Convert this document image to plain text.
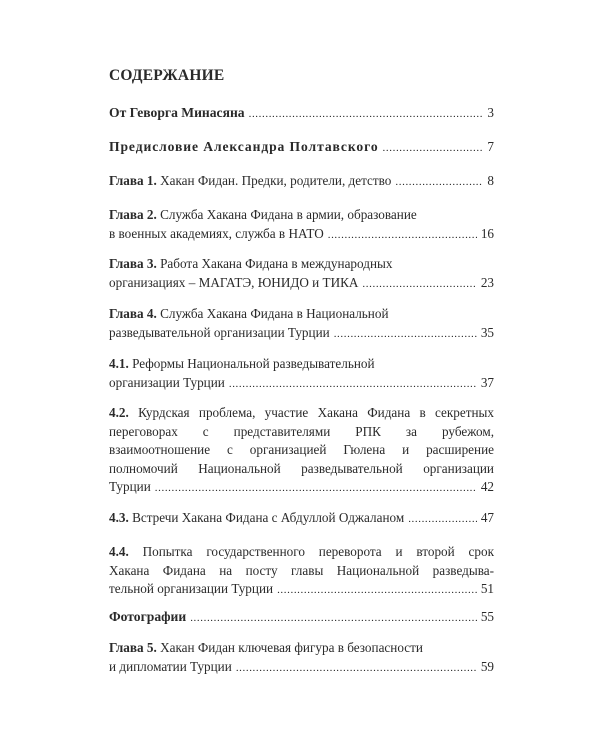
СОДЕРЖАНИЕ
От Геворга Минасяна .....	3
Предисловие Александра Полтавского .....	7
Глава 1.
Хакан Фидан. Предки, родители, детство .....	8
Глава 2.
Служба Хакана Фидана в армии, образование
в военных академиях, служба в НАТО .....	16
Глава 3.
Работа Хакана Фидана в международных
организациях – МАГАТЭ, ЮНИДО и ТИКА .....	23
Глава 4.
Служба Хакана Фидана в Национальной
разведывательной организации Турции .....	35
4.1.
Реформы Национальной разведывательной
организации Турции .....	37
4.2. Курдская проблема, участие Хакана Фидана в секретных
переговорах с представителями РПК за рубежом,
взаимоотношение с организацией Гюлена и расширение
полномочий Национальной разведывательной организации
Турции .....	42
4.3.
Встречи Хакана Фидана с Абдуллой Оджаланом .....	47
4.4. Попытка государственного переворота и второй срок
Хакана Фидана на посту главы Национальной разведыва-
тельной организации Турции .....	51
Фотографии .....	55
Глава 5.
Хакан Фидан ключевая фигура в безопасности
и дипломатии Турции .....	59
